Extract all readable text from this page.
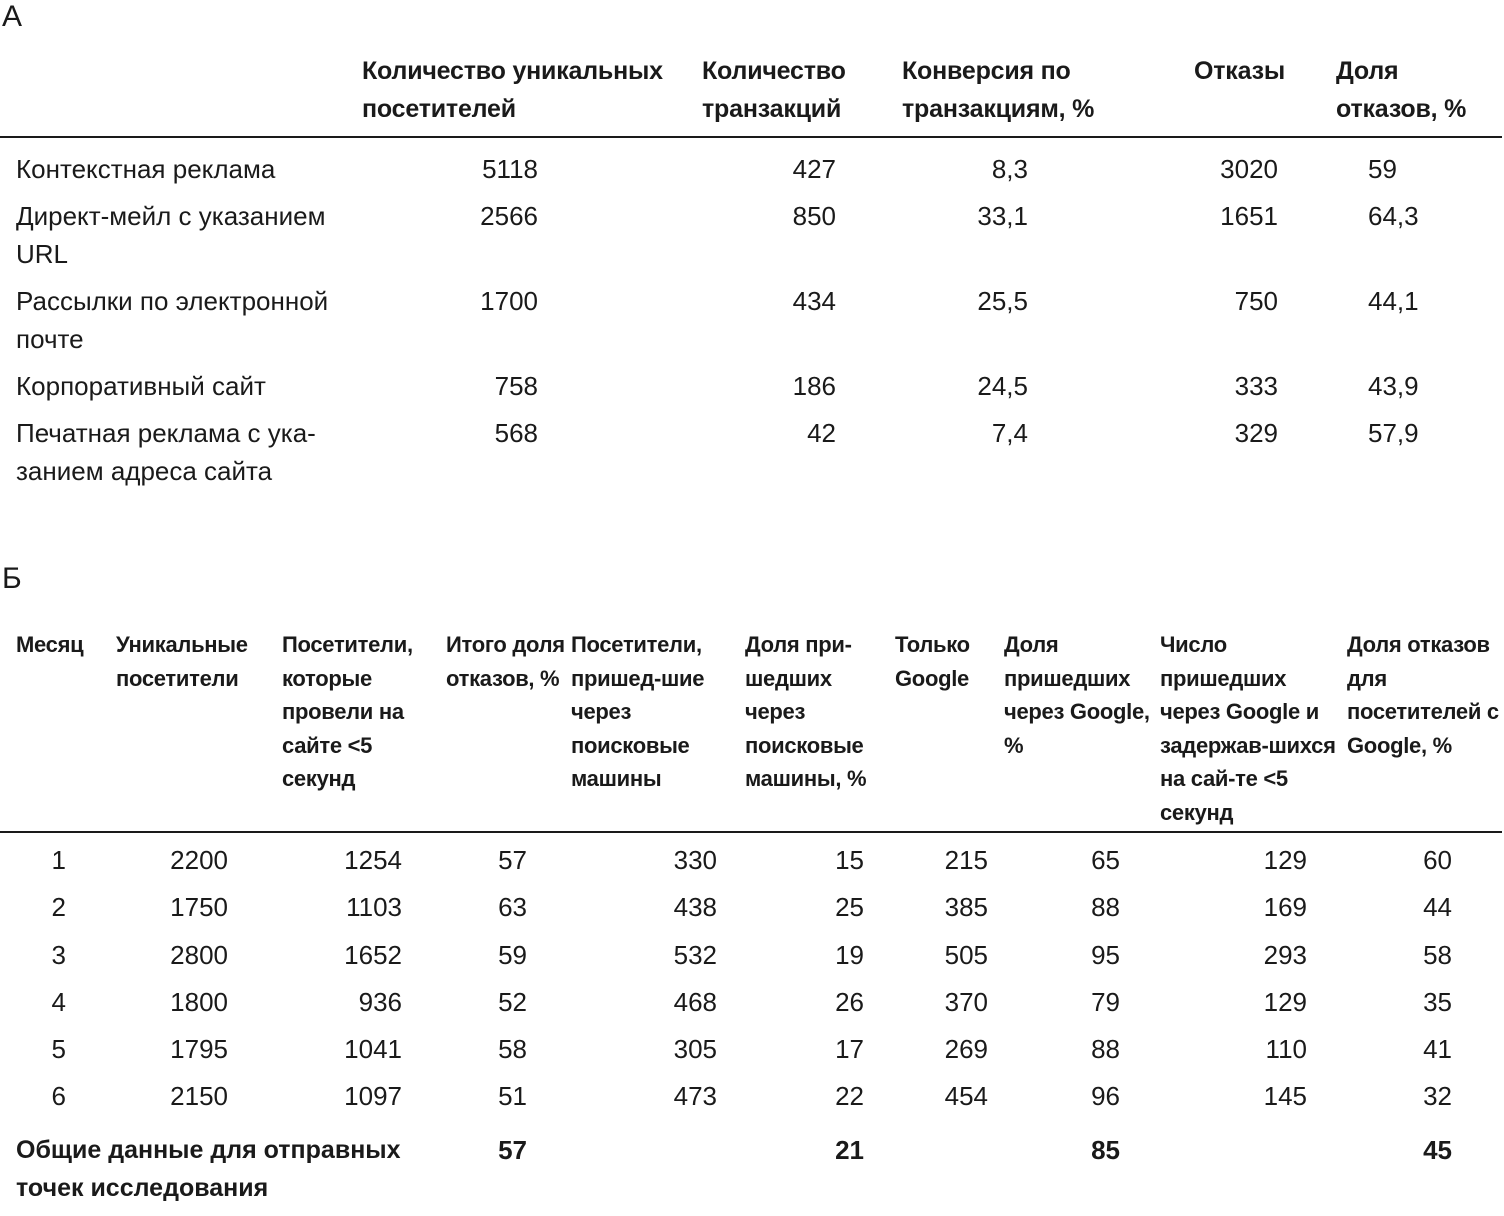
А
	Количество уникальных посетителей	Количество транзакций	Конверсия по транзакциям, %	Отказы	Доля отказов, %
Контекстная реклама	5118	427	8,3	3020	59
Директ-мейл с указанием URL	2566	850	33,1	1651	64,3
Рассылки по электронной почте	1700	434	25,5	750	44,1
Корпоративный сайт	758	186	24,5	333	43,9
Печатная реклама с ука-заниeм адреса сайта	568	42	7,4	329	57,9
Б
Месяц	Уникальные посетители	Посетители, которые провели на сайте <5 секунд	Итого доля отказов, %	Посетители, пришед-шие через поисковые машины	Доля при-шедших через поисковые машины, %	Только Google	Доля пришедших через Google, %	Число пришедших через Google и задержав-шихся на сай-те <5 секунд	Доля отказов для посетителей с Google, %
1	2200	1254	57	330	15	215	65	129	60
2	1750	1103	63	438	25	385	88	169	44
3	2800	1652	59	532	19	505	95	293	58
4	1800	936	52	468	26	370	79	129	35
5	1795	1041	58	305	17	269	88	110	41
6	2150	1097	51	473	22	454	96	145	32
Общие данные для отправных точек исследования			57		21		85		45
